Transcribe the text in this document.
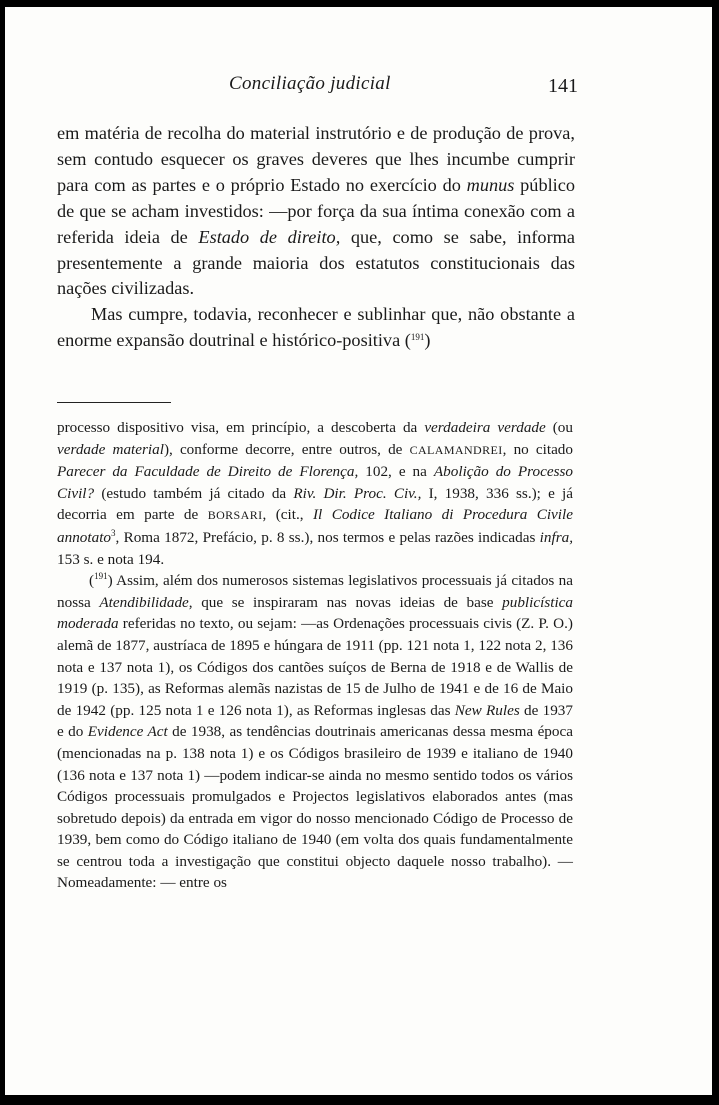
Conciliação judicial	141

em matéria de recolha do material instrutório e de produção de prova, sem contudo esquecer os graves deveres que lhes incumbe cumprir para com as partes e o próprio Estado no exercício do munus público de que se acham investidos: —por força da sua íntima conexão com a referida ideia de Estado de direito, que, como se sabe, informa presentemente a grande maioria dos estatutos constitucionais das nações civilizadas.

Mas cumpre, todavia, reconhecer e sublinhar que, não obstante a enorme expansão doutrinal e histórico-positiva ($^{191}$)

processo dispositivo visa, em princípio, a descoberta da verdadeira verdade (ou verdade material), conforme decorre, entre outros, de CALAMANDREI, no citado Parecer da Faculdade de Direito de Florença, 102, e na Abolição do Processo Civil? (estudo também já citado da Riv. Dir. Proc. Civ., I, 1938, 336 ss.); e já decorria em parte de BORSARI, (cit., Il Codice Italiano di Procedura Civile annotato$^3$, Roma 1872, Prefácio, p. 8 ss.), nos termos e pelas razões indicadas infra, 153 s. e nota 194.

($^{191}$) Assim, além dos numerosos sistemas legislativos processuais já citados na nossa Atendibilidade, que se inspiraram nas novas ideias de base publicística moderada referidas no texto, ou sejam: —as Ordenações processuais civis (Z. P. O.) alemã de 1877, austríaca de 1895 e húngara de 1911 (pp. 121 nota 1, 122 nota 2, 136 nota e 137 nota 1), os Códigos dos cantões suíços de Berna de 1918 e de Wallis de 1919 (p. 135), as Reformas alemãs nazistas de 15 de Julho de 1941 e de 16 de Maio de 1942 (pp. 125 nota 1 e 126 nota 1), as Reformas inglesas das New Rules de 1937 e do Evidence Act de 1938, as tendências doutrinais americanas dessa mesma época (mencionadas na p. 138 nota 1) e os Códigos brasileiro de 1939 e italiano de 1940 (136 nota e 137 nota 1) —podem indicar-se ainda no mesmo sentido todos os vários Códigos processuais promulgados e Projectos legislativos elaborados antes (mas sobretudo depois) da entrada em vigor do nosso mencionado Código de Processo de 1939, bem como do Código italiano de 1940 (em volta dos quais fundamentalmente se centrou toda a investigação que constitui objecto daquele nosso trabalho). — Nomeadamente: — entre os
